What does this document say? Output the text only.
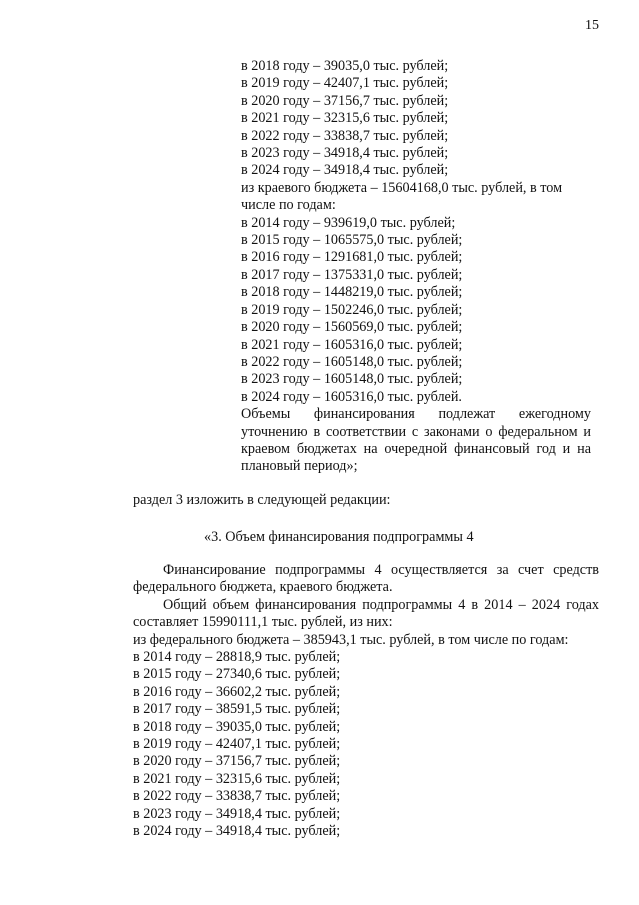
15
в 2018 году – 39035,0 тыс. рублей;
в 2019 году – 42407,1 тыс. рублей;
в 2020 году – 37156,7 тыс. рублей;
в 2021 году – 32315,6 тыс. рублей;
в 2022 году – 33838,7 тыс. рублей;
в 2023 году – 34918,4 тыс. рублей;
в 2024 году – 34918,4 тыс. рублей;
из краевого бюджета – 15604168,0 тыс. рублей, в том
числе по годам:
в 2014 году – 939619,0 тыс. рублей;
в 2015 году – 1065575,0 тыс. рублей;
в 2016 году – 1291681,0 тыс. рублей;
в 2017 году – 1375331,0 тыс. рублей;
в 2018 году – 1448219,0 тыс. рублей;
в 2019 году – 1502246,0 тыс. рублей;
в 2020 году – 1560569,0 тыс. рублей;
в 2021 году – 1605316,0 тыс. рублей;
в 2022 году – 1605148,0 тыс. рублей;
в 2023 году – 1605148,0 тыс. рублей;
в 2024 году – 1605316,0 тыс. рублей.
Объемы финансирования подлежат ежегодному уточнению в соответствии с законами о федеральном и краевом бюджетах на очередной финансовый год и на плановый период»;
раздел 3 изложить в следующей редакции:
«3. Объем финансирования подпрограммы 4
Финансирование подпрограммы 4 осуществляется за счет средств федерального бюджета, краевого бюджета.
Общий объем финансирования подпрограммы 4 в 2014 – 2024 годах составляет 15990111,1 тыс. рублей, из них:
из федерального бюджета – 385943,1 тыс. рублей, в том числе по годам:
в 2014 году – 28818,9 тыс. рублей;
в 2015 году – 27340,6 тыс. рублей;
в 2016 году – 36602,2 тыс. рублей;
в 2017 году – 38591,5 тыс. рублей;
в 2018 году – 39035,0 тыс. рублей;
в 2019 году – 42407,1 тыс. рублей;
в 2020 году – 37156,7 тыс. рублей;
в 2021 году – 32315,6 тыс. рублей;
в 2022 году – 33838,7 тыс. рублей;
в 2023 году – 34918,4 тыс. рублей;
в 2024 году – 34918,4 тыс. рублей;
